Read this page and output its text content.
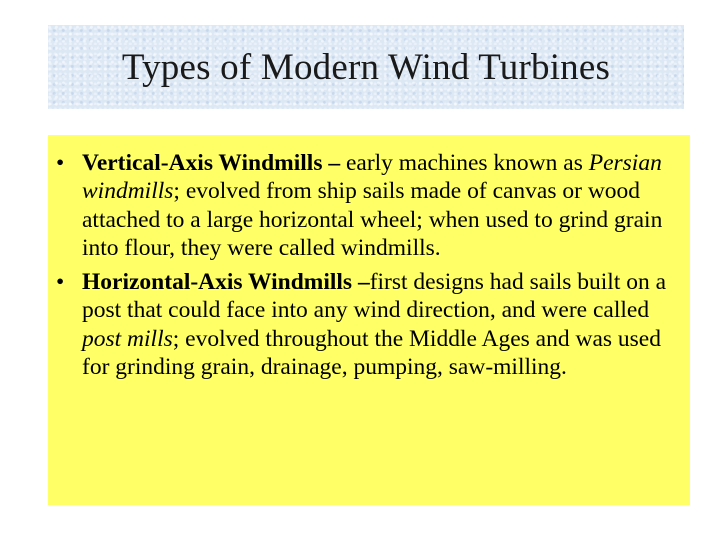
Types of Modern Wind Turbines
• Vertical-Axis Windmills – early machines known as Persian windmills; evolved from ship sails made of canvas or wood attached to a large horizontal wheel; when used to grind grain into flour, they were called windmills.
• Horizontal-Axis Windmills –first designs had sails built on a post that could face into any wind direction, and were called post mills; evolved throughout the Middle Ages and was used for grinding grain, drainage, pumping, saw-milling.
